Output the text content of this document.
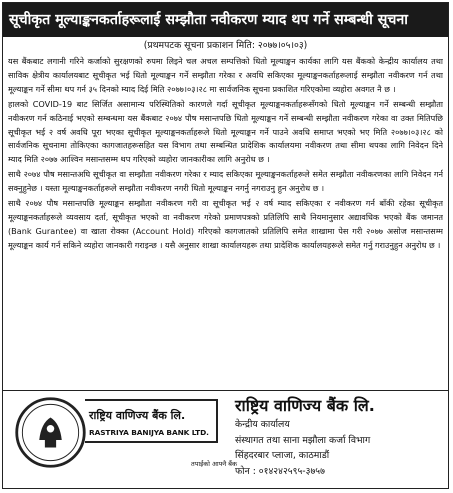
सूचीकृत मूल्याङ्कनकर्ताहरूलाई सम्झौता नवीकरण म्याद थप गर्ने सम्बन्धी सूचना
(प्रथमपटक सूचना प्रकाशन मिति: २०७७।०५।०३)

यस बैंकबाट लगानी गरिने कर्जाको सुरक्षणको रुपमा लिइने चल अचल सम्पत्तिको धितो मूल्याङ्कन कार्यका लागि यस बैंकको केन्द्रीय कार्यालय तथा साविक क्षेत्रीय कार्यालयबाट सूचीकृत भई धितो मूल्याङ्कन गर्ने सम्झौता गरेका र अवधि सकिएका मूल्याङ्कनकर्ताहरूलाई सम्झौता नवीकरण गर्न तथा मूल्याङ्कन गर्ने सीमा थप गर्न ३५ दिनको म्याद दिई मिति २०७७।०३।२८ मा सार्वजनिक सूचना प्रकाशित गरिएकोमा व्यहोरा अवगत नै छ ।

हालको COVID-19 बाट सिर्जित असामान्य परिस्थितिको कारणले गर्दा सूचीकृत मूल्याङ्कनकर्ताहरूसँगको धितो मूल्याङ्कन गर्ने सम्बन्धी सम्झौता नवीकरण गर्न कठिनाई भएको सम्बन्धमा यस बैंकबाट २०७४ पौष मसान्तपछि धितो मूल्याङ्कन गर्ने सम्बन्धी सम्झौता नवीकरण गरेका वा उक्त मितिपछि सूचीकृत भई २ वर्ष अवधि पूरा भएका सूचीकृत मूल्याङ्कनकर्ताहरूले धितो मूल्याङ्कन गर्ने पाउने अवधि समाप्त भएको भए मिति २०७७।०३।२८ को सार्वजनिक सूचनामा तोकिएका कागजातहरूसहित यस विभाग तथा सम्बन्धित प्रादेशिक कार्यालयमा नवीकरण तथा सीमा थपका लागि निवेदन दिने म्याद मिति २०७७ आश्विन मसान्तसम्म थप गरिएको व्यहोरा जानकारीका लागि अनुरोध छ ।

साथै २०७४ पौष मसान्तअघि सूचीकृत वा सम्झौता नवीकरण गरेका र म्याद सकिएका मूल्याङ्कनकर्ताहरूले समेत सम्झौता नवीकरणका लागि निवेदन गर्न सक्नुहुनेछ । यस्ता मूल्याङ्कनकर्ताहरूले सम्झौता नवीकरण नगरी धितो मूल्याङ्कन नगर्नु नगराउनु हुन अनुरोध छ ।

साथै २०७४ पौष मसान्तपछि मूल्याङ्कन सम्झौता नवीकरण गरी वा सूचीकृत भई २ वर्ष म्याद सकिएका र नवीकरण गर्न बाँकी रहेका सूचीकृत मूल्याङ्कनकर्ताहरूले व्यवसाय दर्ता, सूचीकृत भएको वा नवीकरण गरेको प्रमाणपत्रको प्रतिलिपि साथै नियमानुसार अद्यावधिक भएको बैंक जमानत (Bank Gurantee) वा खाता रोक्का (Account Hold) गरिएको कागजातको प्रतिलिपि समेत शाखामा पेस गरी २०७७ असोज मसान्तसम्म मूल्याङ्कन कार्य गर्न सकिने व्यहोरा जानकारी गराइन्छ । यसै अनुसार शाखा कार्यालयहरू तथा प्रादेशिक कार्यालयहरूले समेत गर्नु गराउनुहुन अनुरोध छ ।

राष्ट्रिय वाणिज्य बैंक लि.
RASTRIYA BANIJYA BANK LTD.
तपाईंको आफ्नै बैंक
राष्ट्रिय वाणिज्य बैंक लि.
केन्द्रीय कार्यालय
संस्थागत तथा साना मझौला कर्जा विभाग
सिंहदरबार प्लाजा, काठमाडौं
फोन : ०१४२४२५९५-३७५७
